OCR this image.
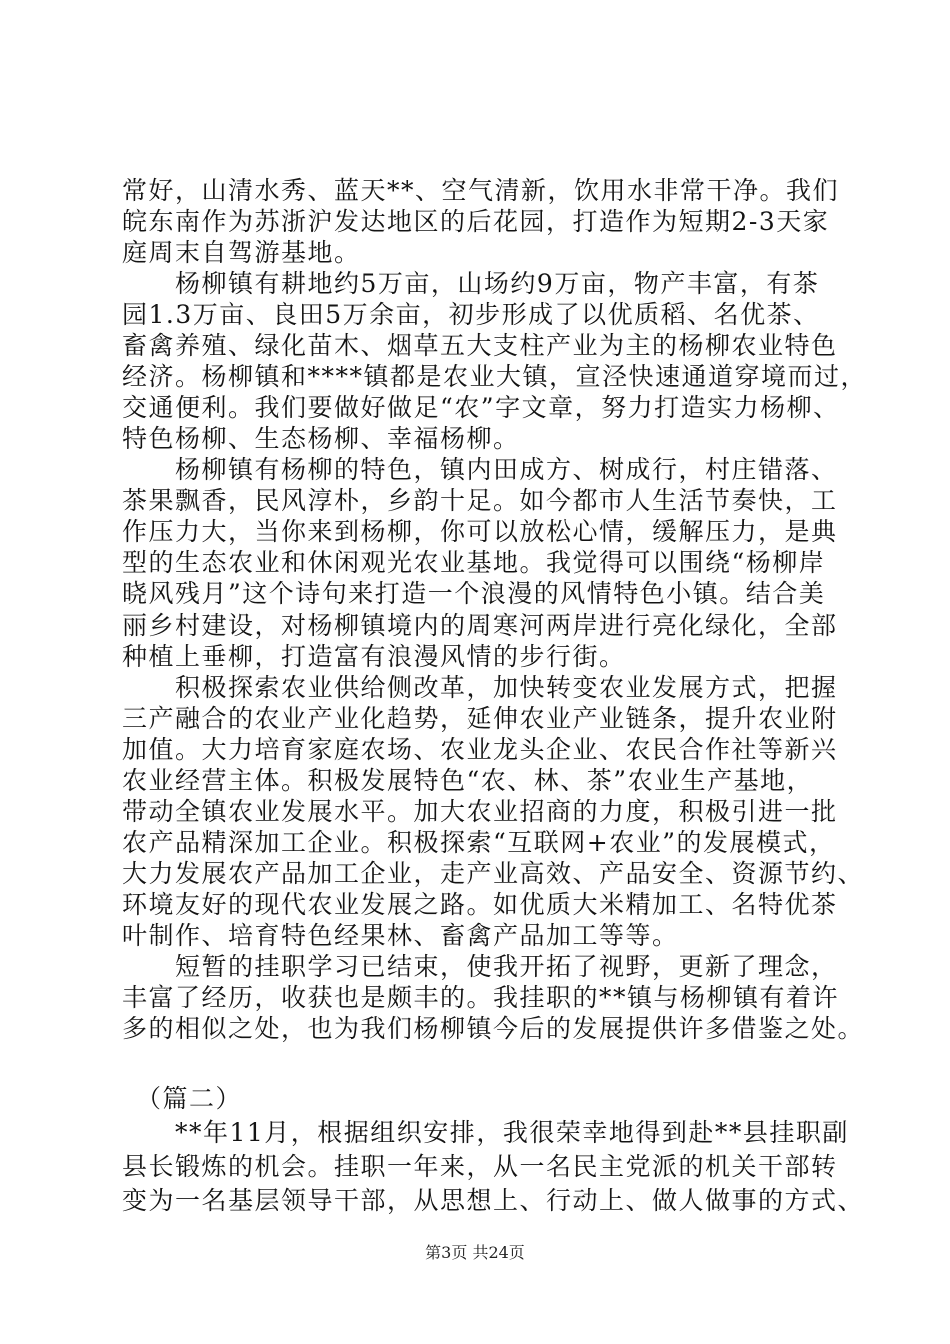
常好，山清水秀、蓝天**、空气清新，饮用水非常干净。我们
皖东南作为苏浙沪发达地区的后花园，打造作为短期2-3天家
庭周末自驾游基地。
　　杨柳镇有耕地约5万亩，山场约9万亩，物产丰富，有茶
园1.3万亩、良田5万余亩，初步形成了以优质稻、名优茶、
畜禽养殖、绿化苗木、烟草五大支柱产业为主的杨柳农业特色
经济。杨柳镇和****镇都是农业大镇，宣泾快速通道穿境而过，
交通便利。我们要做好做足“农”字文章，努力打造实力杨柳、
特色杨柳、生态杨柳、幸福杨柳。
　　杨柳镇有杨柳的特色，镇内田成方、树成行，村庄错落、
茶果飘香，民风淳朴，乡韵十足。如今都市人生活节奏快，工
作压力大，当你来到杨柳，你可以放松心情，缓解压力，是典
型的生态农业和休闲观光农业基地。我觉得可以围绕“杨柳岸
晓风残月”这个诗句来打造一个浪漫的风情特色小镇。结合美
丽乡村建设，对杨柳镇境内的周寒河两岸进行亮化绿化，全部
种植上垂柳，打造富有浪漫风情的步行街。
　　积极探索农业供给侧改革，加快转变农业发展方式，把握
三产融合的农业产业化趋势，延伸农业产业链条，提升农业附
加值。大力培育家庭农场、农业龙头企业、农民合作社等新兴
农业经营主体。积极发展特色“农、林、茶”农业生产基地，
带动全镇农业发展水平。加大农业招商的力度，积极引进一批
农产品精深加工企业。积极探索“互联网+农业”的发展模式，
大力发展农产品加工企业，走产业高效、产品安全、资源节约、
环境友好的现代农业发展之路。如优质大米精加工、名特优茶
叶制作、培育特色经果林、畜禽产品加工等等。
　　短暂的挂职学习已结束，使我开拓了视野，更新了理念，
丰富了经历，收获也是颇丰的。我挂职的**镇与杨柳镇有着许
多的相似之处，也为我们杨柳镇今后的发展提供许多借鉴之处。
　（篇二）
　　**年11月，根据组织安排，我很荣幸地得到赴**县挂职副
县长锻炼的机会。挂职一年来，从一名民主党派的机关干部转
变为一名基层领导干部，从思想上、行动上、做人做事的方式、
第3页 共24页
